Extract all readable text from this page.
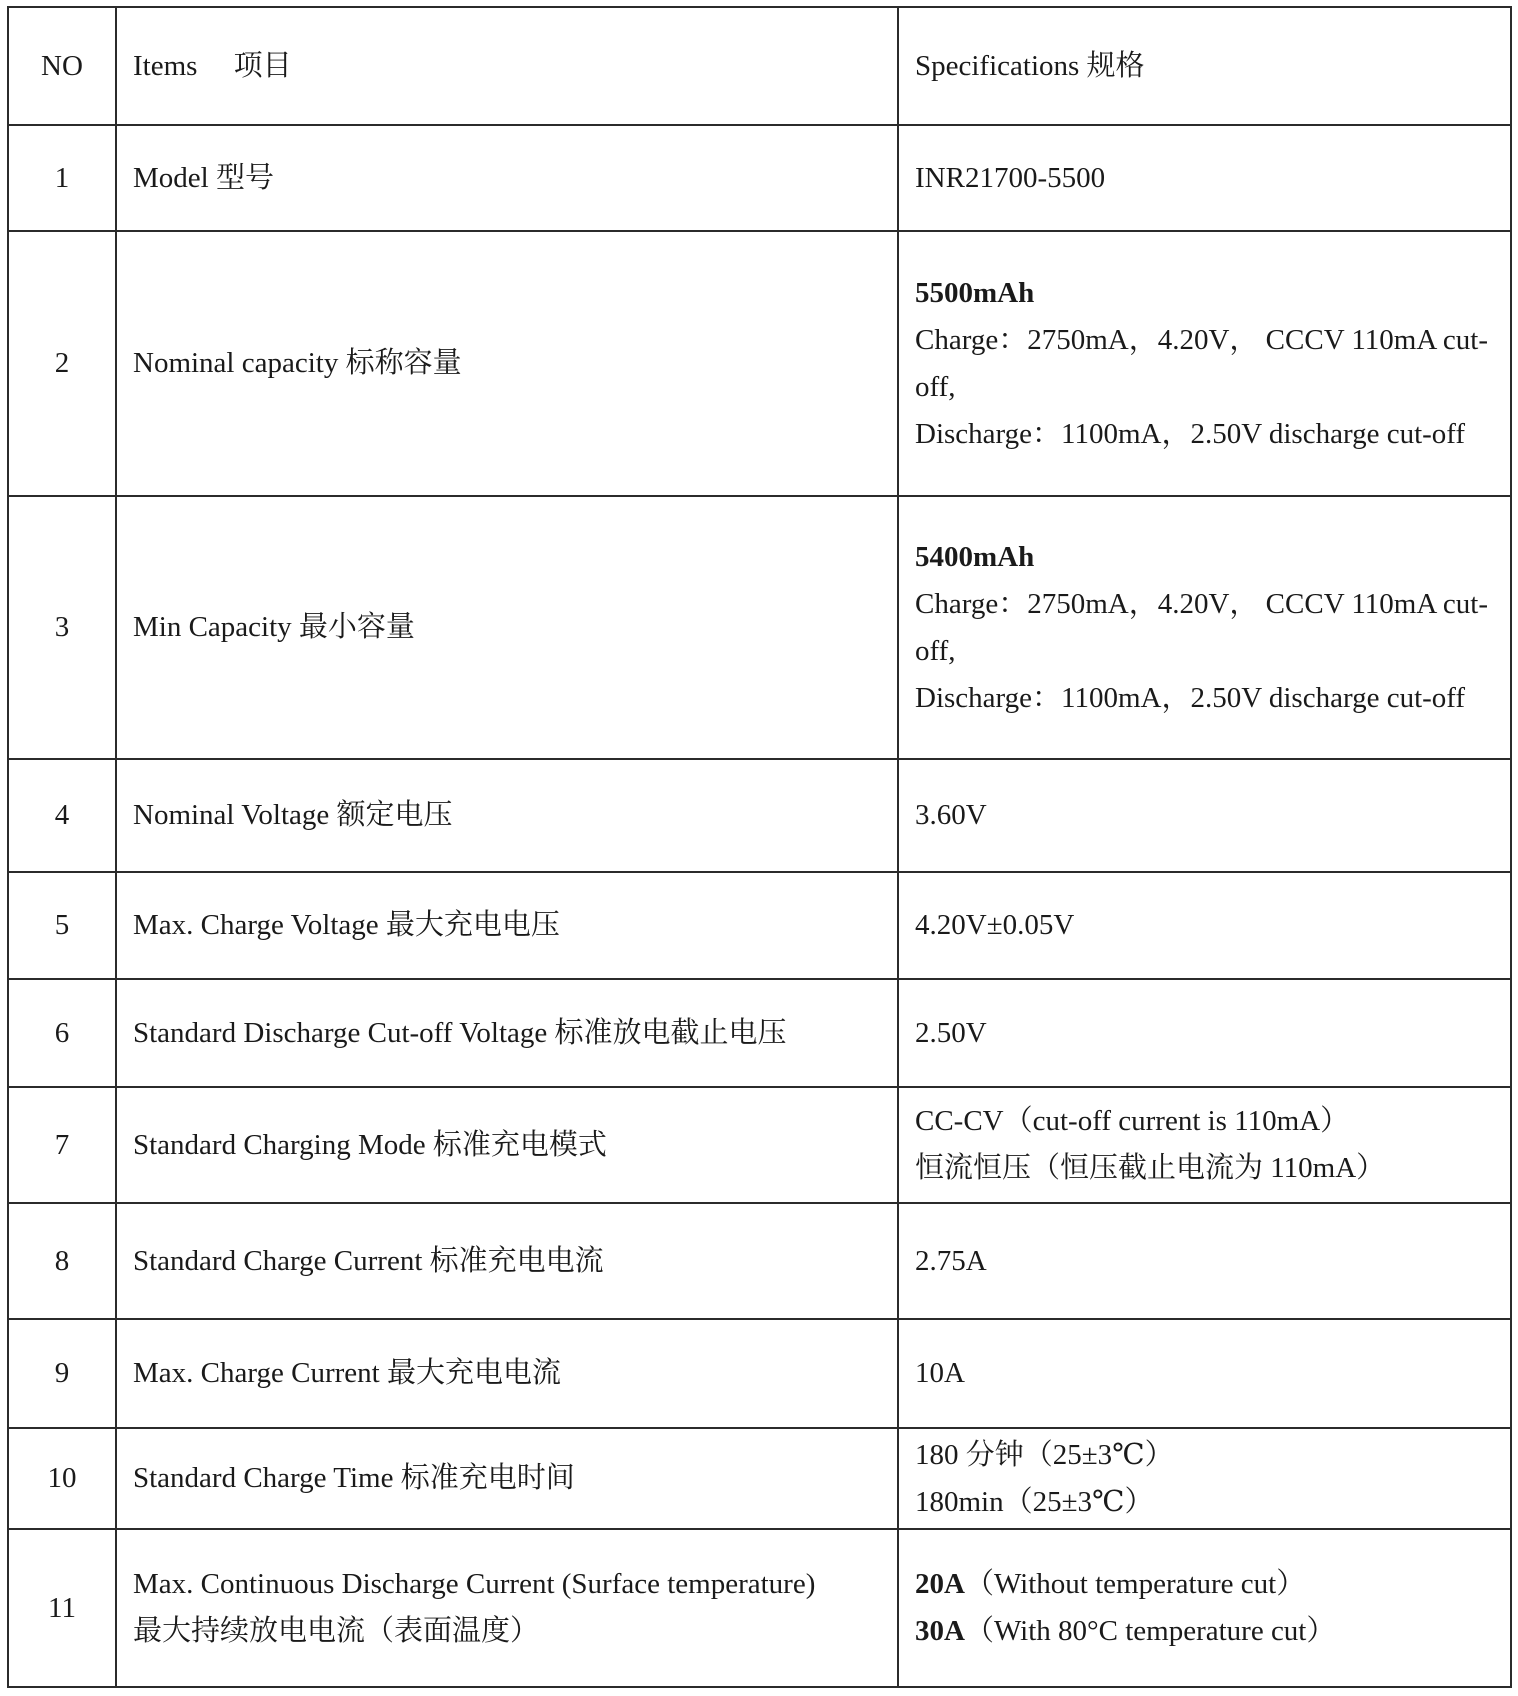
NO	Items　 项目	Specifications 规格
1	Model 型号	INR21700-5500

2	Nominal capacity 标称容量	5500mAh
Charge：2750mA，4.20V， CCCV 110mA cut-off,
Discharge：1100mA，2.50V discharge cut-off

3	Min Capacity 最小容量	5400mAh
Charge：2750mA，4.20V， CCCV 110mA cut-off,
Discharge：1100mA，2.50V discharge cut-off

4	Nominal Voltage 额定电压	3.60V

5	Max. Charge Voltage 最大充电电压	4.20V±0.05V

6	Standard Discharge Cut-off Voltage 标准放电截止电压	2.50V

7	Standard Charging Mode 标准充电模式	CC-CV（cut-off current is 110mA）
恒流恒压（恒压截止电流为 110mA）

8	Standard Charge Current 标准充电电流	2.75A

9	Max. Charge Current 最大充电电流	10A

10	Standard Charge Time 标准充电时间	180 分钟（25±3℃）
180min（25±3℃）

11	Max. Continuous Discharge Current (Surface temperature)
最大持续放电电流（表面温度）	20A（Without temperature cut）
30A（With 80°C temperature cut）
